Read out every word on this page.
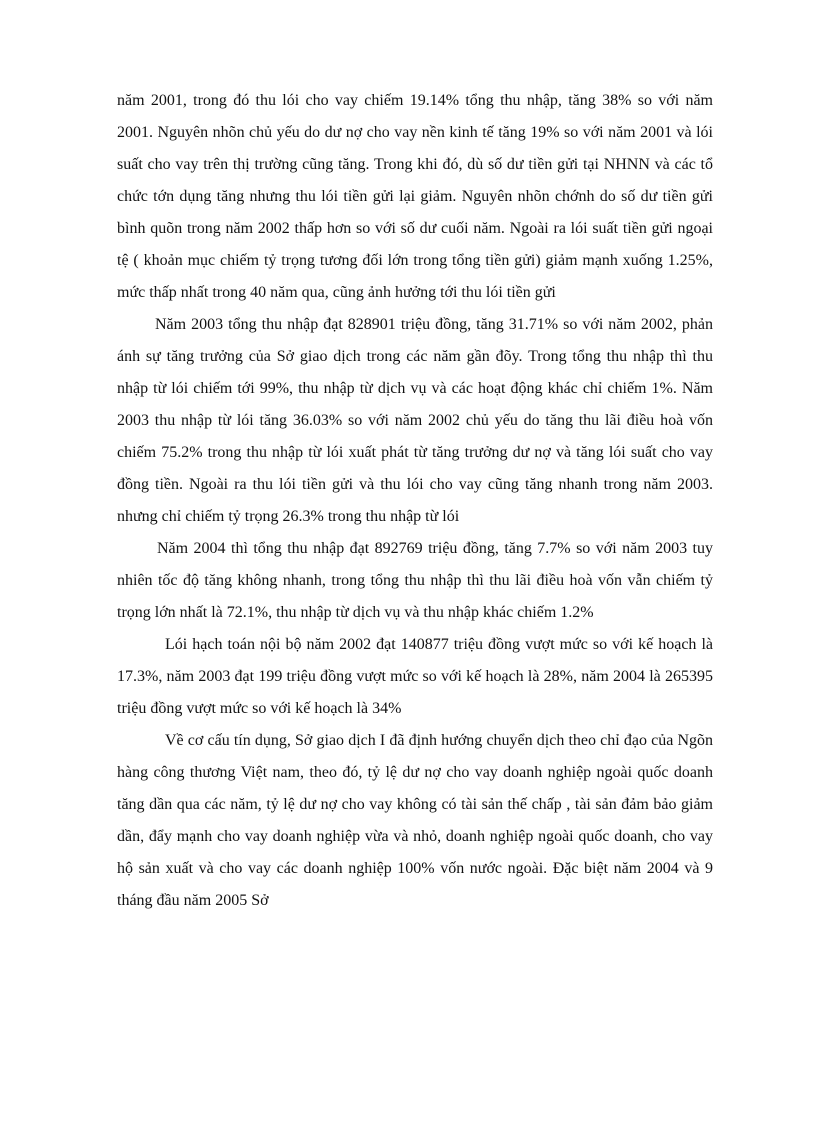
năm 2001, trong đó thu lói cho vay chiếm 19.14% tổng thu nhập, tăng 38% so với năm 2001. Nguyên nhõn chủ yếu do dư nợ cho vay nền kinh tế tăng 19% so với năm 2001 và lói suất cho vay trên thị trường cũng tăng. Trong khi đó, dù số dư tiền gửi tại NHNN và các tổ chức tớn dụng tăng nhưng thu lói tiền gửi lại giảm. Nguyên nhõn chớnh do số dư tiền gửi bình quõn trong năm 2002 thấp hơn so với số dư cuối năm. Ngoài ra lói suất tiền gửi ngoại tệ ( khoản mục chiếm tỷ trọng tương đối lớn trong tổng tiền gửi) giảm mạnh xuống 1.25%, mức thấp nhất trong 40 năm qua, cũng ảnh hưởng tới thu lói tiền gửi

Năm 2003 tổng thu nhập đạt 828901 triệu đồng, tăng 31.71% so với năm 2002, phản ánh sự tăng trưởng của Sở giao dịch trong các năm gần đõy. Trong tổng thu nhập thì thu nhập từ lói chiếm tới 99%, thu nhập từ dịch vụ và các hoạt động khác chỉ chiếm 1%. Năm 2003 thu nhập từ lói tăng 36.03% so với năm 2002 chủ yếu do tăng thu lãi điều hoà vốn chiếm 75.2% trong thu nhập từ lói xuất phát từ tăng trưởng dư nợ và tăng lói suất cho vay đồng tiền. Ngoài ra thu lói tiền gửi và thu lói cho vay cũng tăng nhanh trong năm 2003. nhưng chỉ chiếm tỷ trọng 26.3% trong thu nhập từ lói

Năm 2004 thì tổng thu nhập đạt 892769 triệu đồng, tăng 7.7% so với năm 2003 tuy nhiên tốc độ tăng không nhanh, trong tổng thu nhập thì thu lãi điều hoà vốn vẫn chiếm tỷ trọng lớn nhất là 72.1%, thu nhập từ dịch vụ và thu nhập khác chiếm 1.2%

Lói hạch toán nội bộ năm 2002 đạt 140877 triệu đồng vượt mức so với kế hoạch là 17.3%, năm 2003 đạt 199 triệu đồng vượt mức so với kế hoạch là 28%, năm 2004 là 265395 triệu đồng vượt mức so với kế hoạch là 34%

Về cơ cấu tín dụng, Sở giao dịch I đã định hướng chuyển dịch theo chỉ đạo của Ngõn hàng công thương Việt nam, theo đó, tỷ lệ dư nợ cho vay doanh nghiệp ngoài quốc doanh tăng dần qua các năm, tỷ lệ dư nợ cho vay không có tài sản thế chấp , tài sản đảm bảo giảm dần, đẩy mạnh cho vay doanh nghiệp vừa và nhỏ, doanh nghiệp ngoài quốc doanh, cho vay hộ sản xuất và cho vay các doanh nghiệp 100% vốn nước ngoài. Đặc biệt năm 2004 và 9 tháng đầu năm 2005 Sở
